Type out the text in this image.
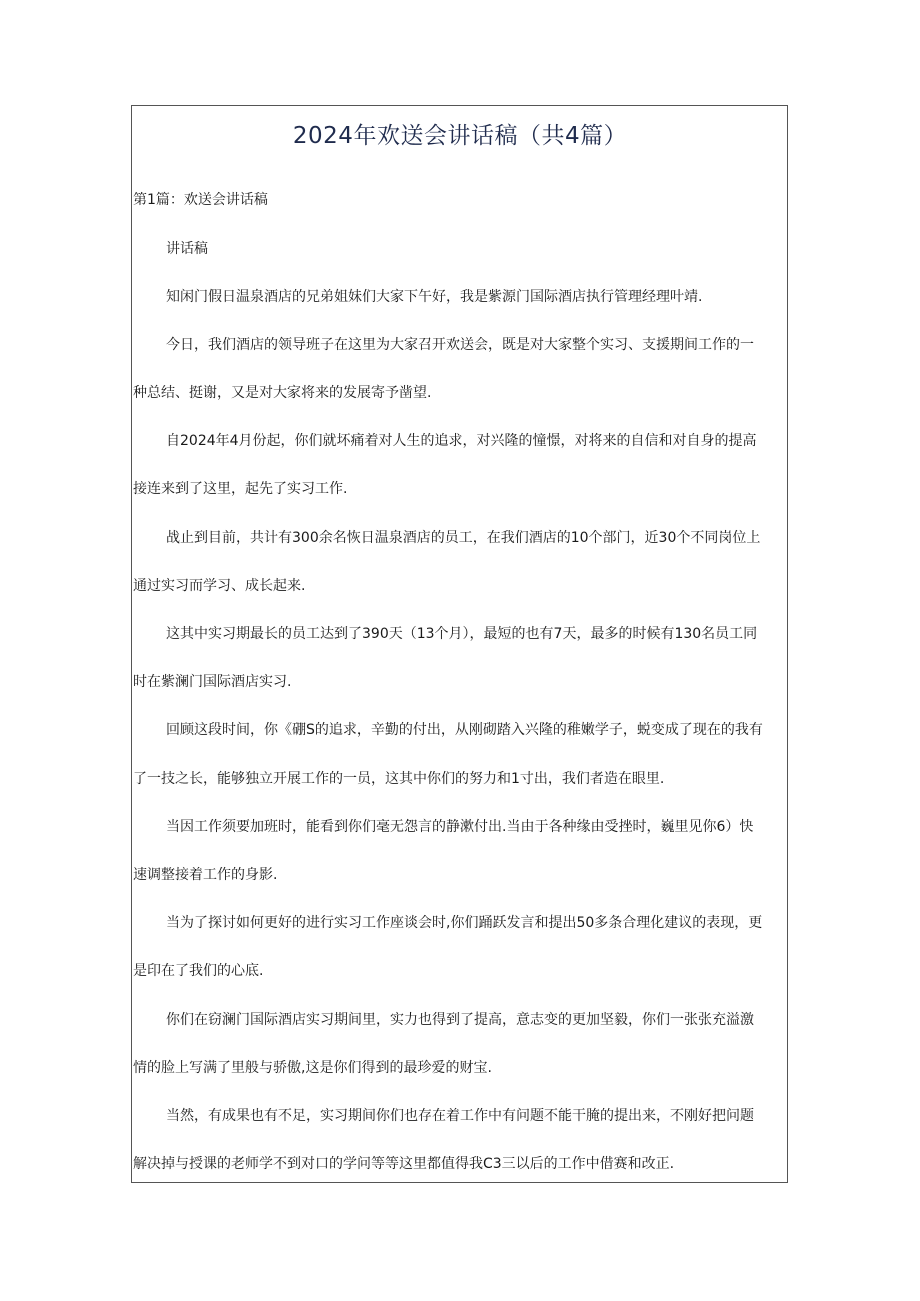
2024年欢送会讲话稿（共4篇）
第1篇：欢送会讲话稿
讲话稿
知闲门假日温泉酒店的兄弟姐妹们大家下午好，我是紫源门国际酒店执行管理经理叶靖.
今日，我们酒店的领导班子在这里为大家召开欢送会，既是对大家整个实习、支援期间工作的一
种总结、挺谢，又是对大家将来的发展寄予凿望.
自2024年4月份起，你们就坏痛着对人生的追求，对兴隆的憧憬，对将来的自信和对自身的提高
接连来到了这里，起先了实习工作.
战止到目前，共计有300余名恢日温泉酒店的员工，在我们酒店的10个部门，近30个不同岗位上
通过实习而学习、成长起来.
这其中实习期最长的员工达到了390天（13个月），最短的也有7天，最多的时候有130名员工同
时在紫澜门国际酒店实习.
回顾这段时间，你《硼S的追求，辛勤的付出，从刚砌踏入兴隆的稚嫩学子，蜕变成了现在的我有
了一技之长，能够独立开展工作的一员，这其中你们的努力和1寸出，我们者造在眼里.
当因工作须要加班时，能看到你们毫无怨言的静漱付出.当由于各种缘由受挫时，巍里见你6）快
速调整接着工作的身影.
当为了探讨如何更好的进行实习工作座谈会时,你们踊跃发言和提出50多条合理化建议的表现，更
是印在了我们的心底.
你们在窃澜门国际酒店实习期间里，实力也得到了提高，意志变的更加坚毅，你们一张张充溢激
情的脸上写满了里般与骄傲,这是你们得到的最珍爱的财宝.
当然，有成果也有不足，实习期间你们也存在着工作中有问题不能干腌的提出来，不刚好把问题
解决掉与授课的老师学不到对口的学问等等这里都值得我C3三以后的工作中借赛和改正.
